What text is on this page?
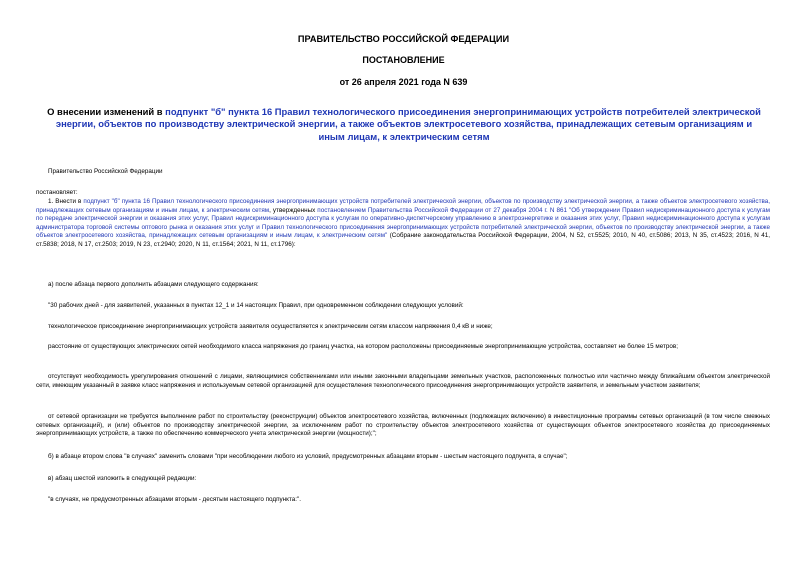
ПРАВИТЕЛЬСТВО РОССИЙСКОЙ ФЕДЕРАЦИИ
ПОСТАНОВЛЕНИЕ
от 26 апреля 2021 года N 639
О внесении изменений в подпункт "б" пункта 16 Правил технологического присоединения энергопринимающих устройств потребителей электрической энергии, объектов по производству электрической энергии, а также объектов электросетевого хозяйства, принадлежащих сетевым организациям и иным лицам, к электрическим сетям
Правительство Российской Федерации
постановляет:
1. Внести в подпункт "б" пункта 16 Правил технологического присоединения энергопринимающих устройств потребителей электрической энергии, объектов по производству электрической энергии, а также объектов электросетевого хозяйства, принадлежащих сетевым организациям и иным лицам, к электрическим сетям, утвержденных постановлением Правительства Российской Федерации от 27 декабря 2004 г. N 861 "Об утверждении Правил недискриминационного доступа к услугам по передаче электрической энергии и оказания этих услуг, Правил недискриминационного доступа к услугам по оперативно-диспетчерскому управлению в электроэнергетике и оказания этих услуг, Правил недискриминационного доступа к услугам администратора торговой системы оптового рынка и оказания этих услуг и Правил технологического присоединения энергопринимающих устройств потребителей электрической энергии, объектов по производству электрической энергии, а также объектов электросетевого хозяйства, принадлежащих сетевым организациям и иным лицам, к электрическим сетям" (Собрание законодательства Российской Федерации, 2004, N 52, ст.5525; 2010, N 40, ст.5086; 2013, N 35, ст.4523; 2016, N 41, ст.5838; 2018, N 17, ст.2503; 2019, N 23, ст.2940; 2020, N 11, ст.1564; 2021, N 11, ст.1796):
а) после абзаца первого дополнить абзацами следующего содержания:
"30 рабочих дней - для заявителей, указанных в пунктах 12_1 и 14 настоящих Правил, при одновременном соблюдении следующих условий:
технологическое присоединение энергопринимающих устройств заявителя осуществляется к электрическим сетям классом напряжения 0,4 кВ и ниже;
расстояние от существующих электрических сетей необходимого класса напряжения до границ участка, на котором расположены присоединяемые энергопринимающие устройства, составляет не более 15 метров;
отсутствует необходимость урегулирования отношений с лицами, являющимися собственниками или иными законными владельцами земельных участков, расположенных полностью или частично между ближайшим объектом электрической сети, имеющим указанный в заявке класс напряжения и используемым сетевой организацией для осуществления технологического присоединения энергопринимающих устройств заявителя, и земельным участком заявителя;
от сетевой организации не требуется выполнение работ по строительству (реконструкции) объектов электросетевого хозяйства, включенных (подлежащих включению) в инвестиционные программы сетевых организаций (в том числе смежных сетевых организаций), и (или) объектов по производству электрической энергии, за исключением работ по строительству объектов электросетевого хозяйства от существующих объектов электросетевого хозяйства до присоединяемых энергопринимающих устройств, а также по обеспечению коммерческого учета электрической энергии (мощности);";
б) в абзаце втором слова "в случаях" заменить словами "при несоблюдении любого из условий, предусмотренных абзацами вторым - шестым настоящего подпункта, в случае";
в) абзац шестой изложить в следующей редакции:
"в случаях, не предусмотренных абзацами вторым - десятым настоящего подпункта:".
